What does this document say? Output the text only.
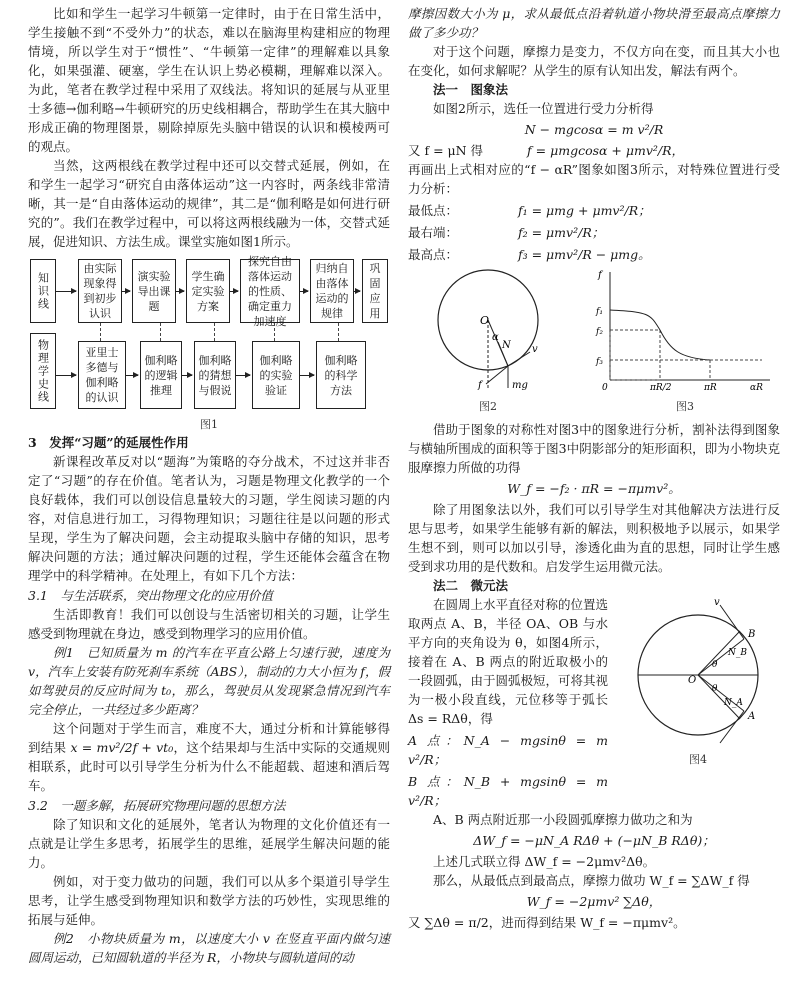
比如和学生一起学习牛顿第一定律时，由于在日常生活中，学生接触不到“不受外力”的状态，难以在脑海里构建相应的物理情境，所以学生对于“惯性”、“牛顿第一定律”的理解难以具象化，如果强灌、硬塞，学生在认识上势必模糊，理解难以深入。为此，笔者在教学过程中采用了双线法。将知识的延展与从亚里士多德→伽利略→牛顿研究的历史线相耦合，帮助学生在其大脑中形成正确的物理图景，剔除掉原先头脑中错误的认识和模棱两可的观点。

当然，这两根线在教学过程中还可以交替式延展，例如，在和学生一起学习“研究自由落体运动”这一内容时，两条线非常清晰，其一是“自由落体运动的规律”，其二是“伽利略是如何进行研究的”。我们在教学过程中，可以将这两根线融为一体，交替式延展，促进知识、方法生成。课堂实施如图1所示。

知识线
物理学史线
由实际现象得到初步认识
演实验导出课题
学生确定实验方案
探究自由落体运动的性质、确定重力加速度
归纳自由落体运动的规律
巩固应用
亚里士多德与伽利略的认识
伽利略的逻辑推理
伽利略的猜想与假说
伽利略的实验验证
伽利略的科学方法
图1

3　发挥“习题”的延展性作用

新课程改革反对以“题海”为策略的夺分战术，不过这并非否定了“习题”的存在价值。笔者认为，习题是物理文化教学的一个良好载体，我们可以创设信息量较大的习题，学生阅读习题的内容，对信息进行加工，习得物理知识；习题往往是以问题的形式呈现，学生为了解决问题，会主动提取头脑中存储的知识，思考解决问题的方法；通过解决问题的过程，学生还能体会蕴含在物理学中的科学精神。在处理上，有如下几个方法：

3.1　与生活联系，突出物理文化的应用价值

生活即教育！我们可以创设与生活密切相关的习题，让学生感受到物理就在身边，感受到物理学习的应用价值。

例1　已知质量为 m 的汽车在平直公路上匀速行驶，速度为 v，汽车上安装有防死刹车系统（ABS），制动的力大小恒为 f，假如驾驶员的反应时间为 t₀，那么，驾驶员从发现紧急情况到汽车完全停止，一共经过多少距离？

这个问题对于学生而言，难度不大，通过分析和计算能够得到结果 x = mv²/2f + vt₀，这个结果却与生活中实际的交通规则相联系，此时可以引导学生分析为什么不能超载、超速和酒后驾车。

3.2　一题多解，拓展研究物理问题的思想方法

除了知识和文化的延展外，笔者认为物理的文化价值还有一点就是让学生多思考，拓展学生的思维，延展学生解决问题的能力。

例如，对于变力做功的问题，我们可以从多个渠道引导学生思考，让学生感受到物理知识和数学方法的巧妙性，实现思维的拓展与延伸。

例2　小物块质量为 m，以速度大小 v 在竖直平面内做匀速圆周运动，已知圆轨道的半径为 R，小物块与圆轨道间的动

摩擦因数大小为 μ，求从最低点沿着轨道小物块滑至最高点摩擦力做了多少功？

对于这个问题，摩擦力是变力，不仅方向在变，而且其大小也在变化，如何求解呢？从学生的原有认知出发，解法有两个。

法一　图象法

如图2所示，选任一位置进行受力分析得

N − mgcosα = m v²/R

又 f = μN 得	f = μmgcosα + μmv²/R，

再画出上式相对应的“f − αR”图象如图3所示，对特殊位置进行受力分析：

最低点：	f₁ = μmg + μmv²/R；
最右端：	f₂ = μmv²/R；
最高点：	f₃ = μmv²/R − μmg。
O
α
N
mg
f
v
图2
f
f₁
f₂
f₃
0	πR/2	πR	αR
图3

借助于图象的对称性对图3中的图象进行分析，割补法得到图象与横轴所围成的面积等于图3中阴影部分的矩形面积，即为小物块克服摩擦力所做的功得

W_f = −f₂ · πR = −πμmv²。

除了用图象法以外，我们可以引导学生对其他解决方法进行反思与思考，如果学生能够有新的解法，则积极地予以展示，如果学生想不到，则可以加以引导，渗透化曲为直的思想，同时让学生感受到求功用的是代数和。启发学生运用微元法。

法二　微元法

在圆周上水平直径对称的位置选取两点 A、B，半径 OA、OB 与水平方向的夹角设为 θ，如图4所示，接着在 A、B 两点的附近取极小的一段圆弧，由于圆弧极短，可将其视为一极小段直线，元位移等于弧长 Δs = RΔθ，得

A 点：N_A − mgsinθ = m v²/R；

B 点：N_B + mgsinθ = m v²/R；

O
θ
θ
B
A
v
N_B
N_A
图4

A、B 两点附近那一小段圆弧摩擦力做功之和为

ΔW_f = −μN_A RΔθ + (−μN_B RΔθ)；

上述几式联立得 ΔW_f = −2μmv²Δθ。

那么，从最低点到最高点，摩擦力做功 W_f = ∑ΔW_f 得

W_f = −2μmv² ∑Δθ，

又 ∑Δθ = π/2，进而得到结果 W_f = −πμmv²。
